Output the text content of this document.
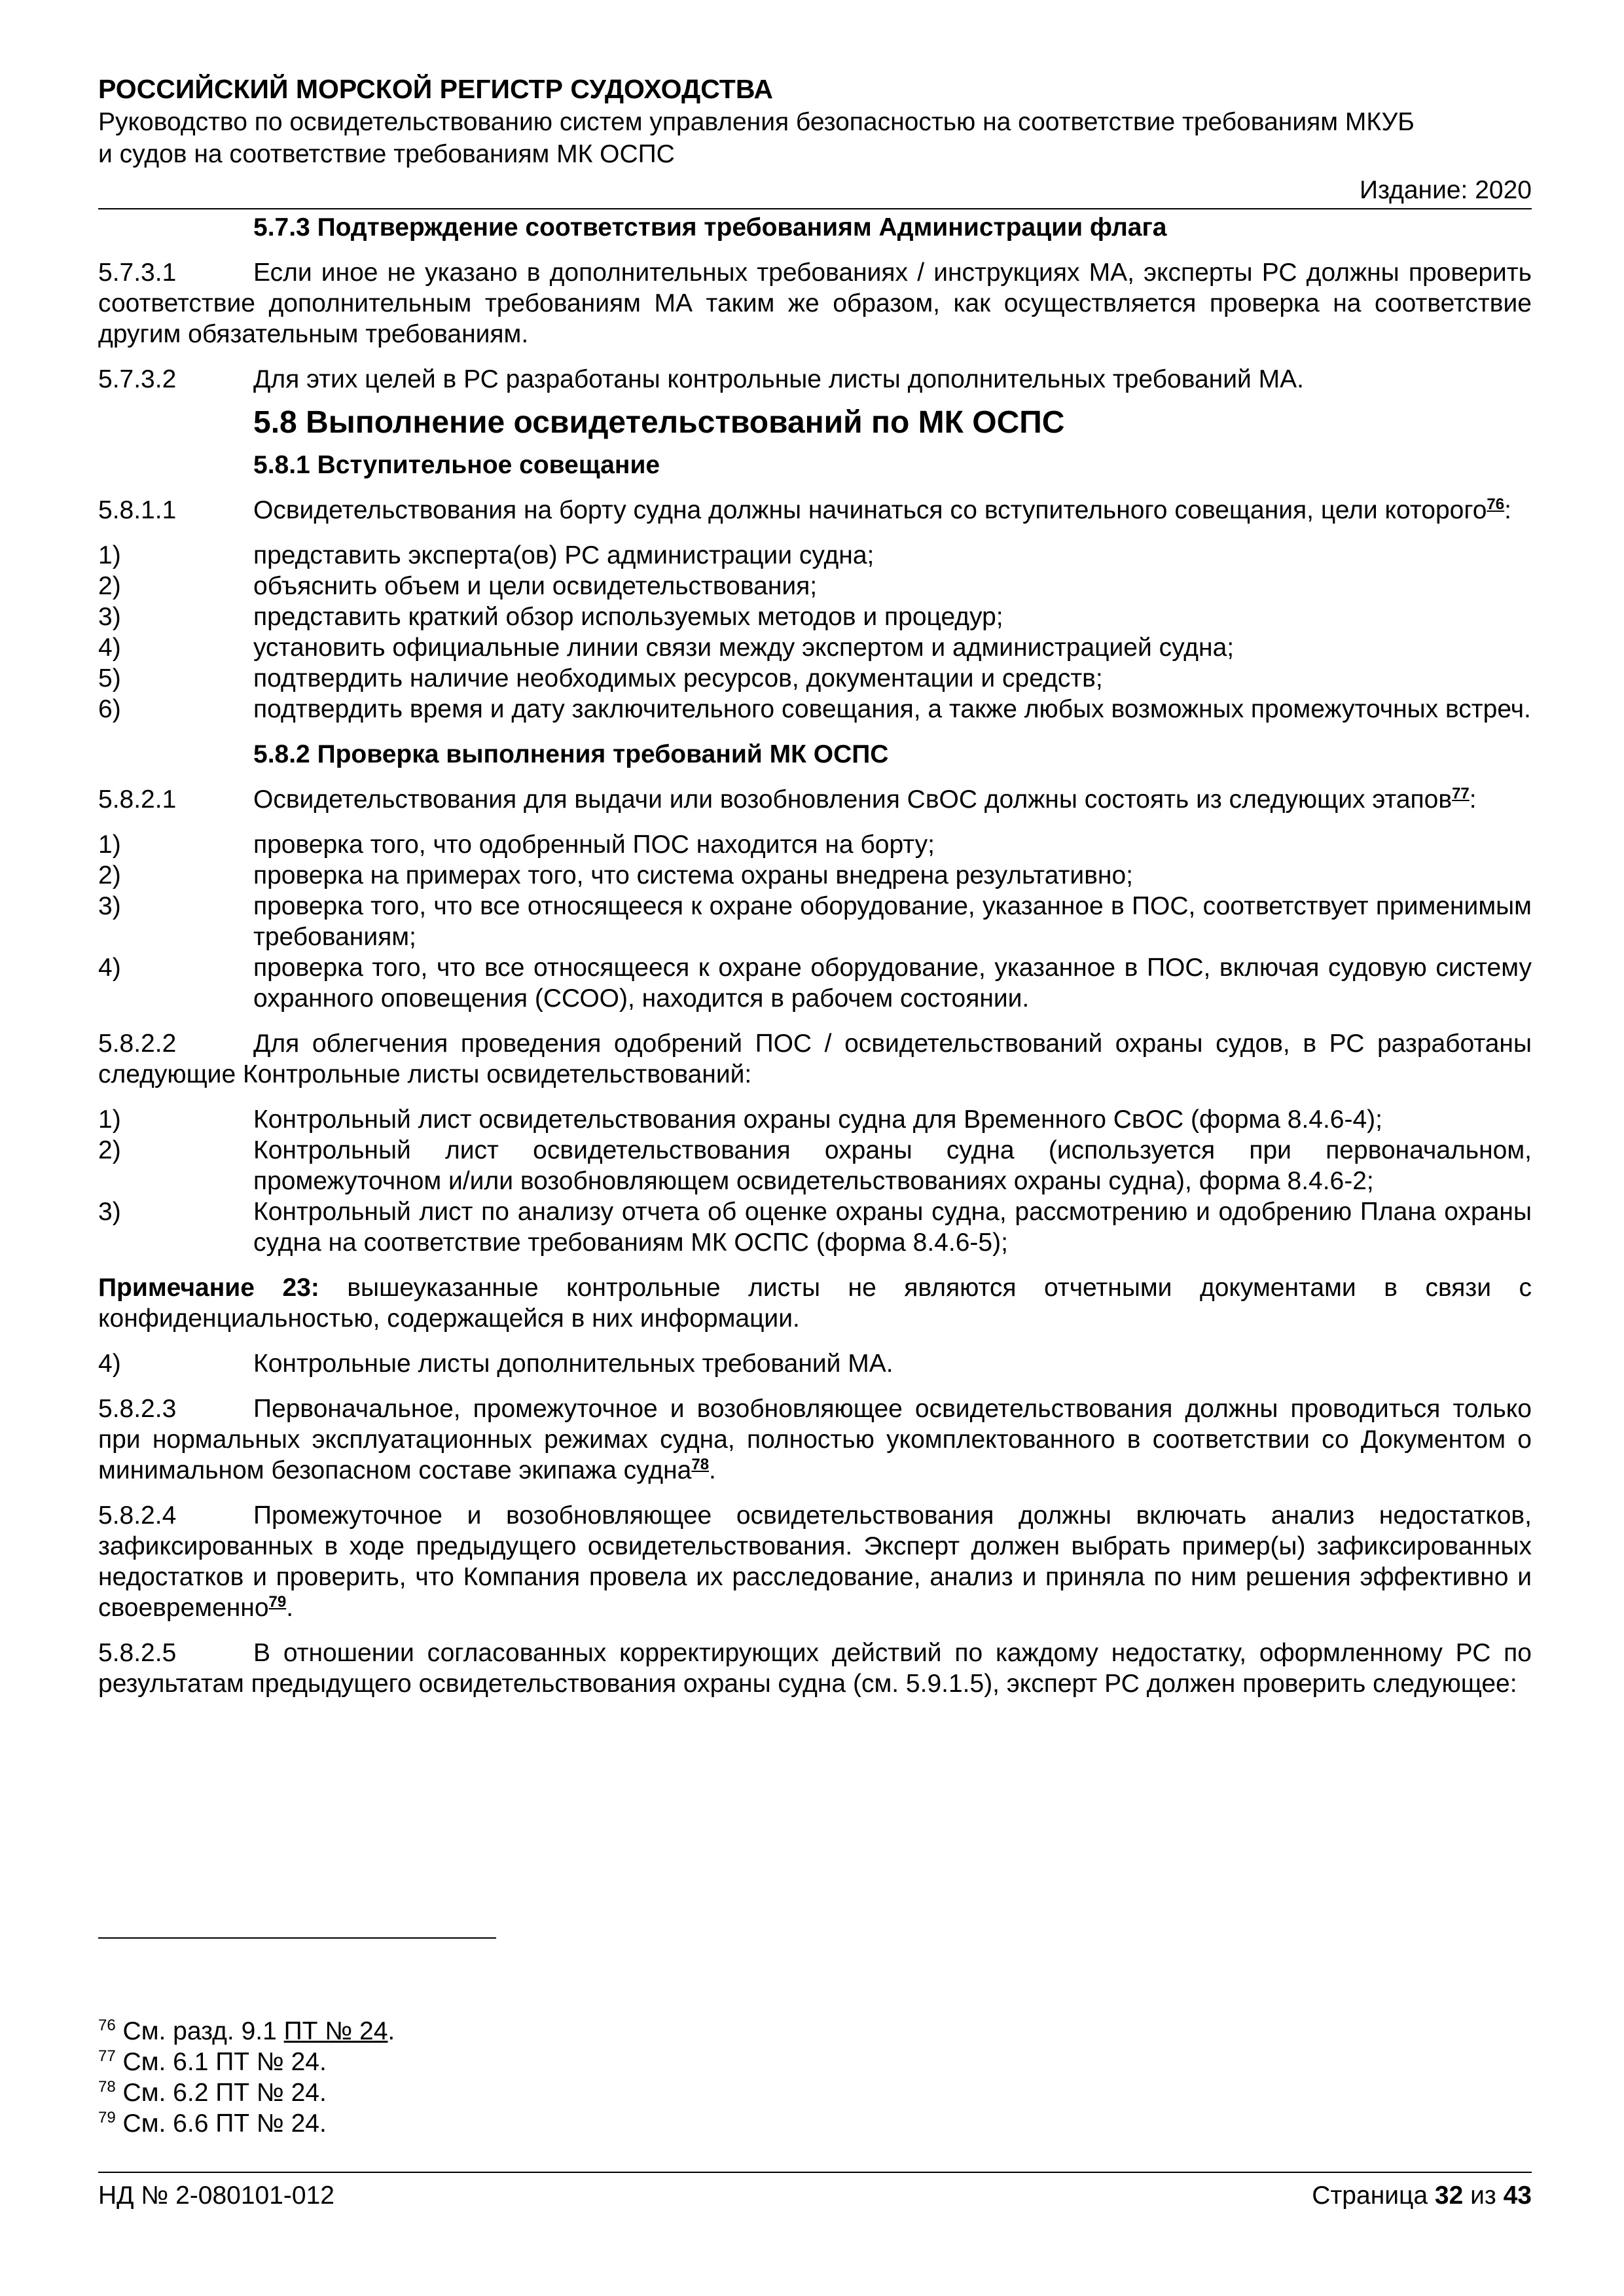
РОССИЙСКИЙ МОРСКОЙ РЕГИСТР СУДОХОДСТВА
Руководство по освидетельствованию систем управления безопасностью на соответствие требованиям МКУБ
и судов на соответствие требованиям МК ОСПС
Издание: 2020
5.7.3 Подтверждение соответствия требованиям Администрации флага
5.7.3.1	Если иное не указано в дополнительных требованиях / инструкциях МА, эксперты РС должны проверить соответствие дополнительным требованиям МА таким же образом, как осуществляется проверка на соответствие другим обязательным требованиям.
5.7.3.2	Для этих целей в РС разработаны контрольные листы дополнительных требований МА.
5.8 Выполнение освидетельствований по МК ОСПС
5.8.1 Вступительное совещание
5.8.1.1	Освидетельствования на борту судна должны начинаться со вступительного совещания, цели которого$^{76}$:
1)	представить эксперта(ов) РС администрации судна;
2)	объяснить объем и цели освидетельствования;
3)	представить краткий обзор используемых методов и процедур;
4)	установить официальные линии связи между экспертом и администрацией судна;
5)	подтвердить наличие необходимых ресурсов, документации и средств;
6)	подтвердить время и дату заключительного совещания, а также любых возможных промежуточных встреч.
5.8.2 Проверка выполнения требований МК ОСПС
5.8.2.1	Освидетельствования для выдачи или возобновления СвОС должны состоять из следующих этапов$^{77}$:
1)	проверка того, что одобренный ПОС находится на борту;
2)	проверка на примерах того, что система охраны внедрена результативно;
3)	проверка того, что все относящееся к охране оборудование, указанное в ПОС, соответствует применимым требованиям;
4)	проверка того, что все относящееся к охране оборудование, указанное в ПОС, включая судовую систему охранного оповещения (ССОО), находится в рабочем состоянии.
5.8.2.2	Для облегчения проведения одобрений ПОС / освидетельствований охраны судов, в РС разработаны следующие Контрольные листы освидетельствований:
1)	Контрольный лист освидетельствования охраны судна для Временного СвОС (форма 8.4.6-4);
2)	Контрольный лист освидетельствования охраны судна (используется при первоначальном, промежуточном и/или возобновляющем освидетельствованиях охраны судна), форма 8.4.6-2;
3)	Контрольный лист по анализу отчета об оценке охраны судна, рассмотрению и одобрению Плана охраны судна на соответствие требованиям МК ОСПС (форма 8.4.6-5);
Примечание 23: вышеуказанные контрольные листы не являются отчетными документами в связи с конфиденциальностью, содержащейся в них информации.
4)	Контрольные листы дополнительных требований МА.
5.8.2.3	Первоначальное, промежуточное и возобновляющее освидетельствования должны проводиться только при нормальных эксплуатационных режимах судна, полностью укомплектованного в соответствии со Документом о минимальном безопасном составе экипажа судна$^{78}$.
5.8.2.4	Промежуточное и возобновляющее освидетельствования должны включать анализ недостатков, зафиксированных в ходе предыдущего освидетельствования. Эксперт должен выбрать пример(ы) зафиксированных недостатков и проверить, что Компания провела их расследование, анализ и приняла по ним решения эффективно и своевременно$^{79}$.
5.8.2.5	В отношении согласованных корректирующих действий по каждому недостатку, оформленному РС по результатам предыдущего освидетельствования охраны судна (см. 5.9.1.5), эксперт РС должен проверить следующее:
$^{76}$ См. разд. 9.1 ПТ № 24.
$^{77}$ См. 6.1 ПТ № 24.
$^{78}$ См. 6.2 ПТ № 24.
$^{79}$ См. 6.6 ПТ № 24.
НД № 2-080101-012	Страница 32 из 43
